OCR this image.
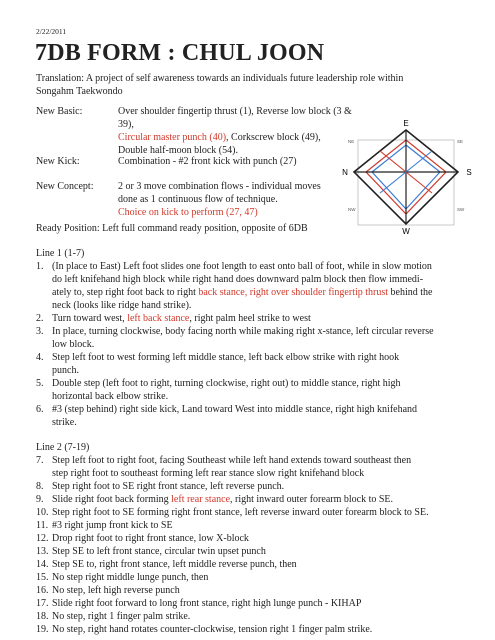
2/22/2011
7DB FORM : CHUL JOON
Translation: A project of self awareness towards an individuals future leadership role within
Songahm Taekwondo
New Basic:	Over shoulder fingertip thrust (1), Reverse low block (3 & 39),
Circular master punch (40), Corkscrew block (49),
Double half-moon block (54).
New Kick:	Combination - #2 front kick with punch (27)
New Concept:	2 or 3 move combination flows - individual moves
done as 1 continuous flow of technique.
Choice on kick to perform (27, 47)
Ready Position: Left full command ready position, opposite of 6DB
E
N	S
W
NE	SE
NW	SW
Line 1 (1-7)
1. (In place to East) Left foot slides one foot length to east onto ball of foot, while in slow motion
do left knifehand high block while right hand does downward palm block then flow immedi-
ately to, step right foot back to right back stance, right over shoulder fingertip thrust behind the
neck (looks like ridge hand strike).
2. Turn toward west, left back stance, right palm heel strike to west
3. In place, turning clockwise, body facing north while making right x-stance, left circular reverse
low block.
4. Step left foot to west forming left middle stance, left back elbow strike with right hook
punch.
5. Double step (left foot to right, turning clockwise, right out) to middle stance, right high
horizontal back elbow strike.
6. #3 (step behind) right side kick, Land toward West into middle stance, right high knifehand
strike.
Line 2 (7-19)
7. Step left foot to right foot, facing Southeast while left hand extends toward southeast then
step right foot to southeast forming left rear stance slow right knifehand block
8. Step right foot to SE right front stance, left reverse punch.
9. Slide right foot back forming left rear stance, right inward outer forearm block to SE.
10. Step right foot to SE forming right front stance, left reverse inward outer forearm block to SE.
11. #3 right jump front kick to SE
12. Drop right foot to right front stance, low X-block
13. Step SE to left front stance, circular twin upset punch
14. Step SE to, right front stance, left middle reverse punch, then
15. No step right middle lunge punch, then
16. No step, left high reverse punch
17. Slide right foot forward to long front stance, right high lunge punch - KIHAP
18. No step, right 1 finger palm strike.
19. No step, right hand rotates counter-clockwise, tension right 1 finger palm strike.
